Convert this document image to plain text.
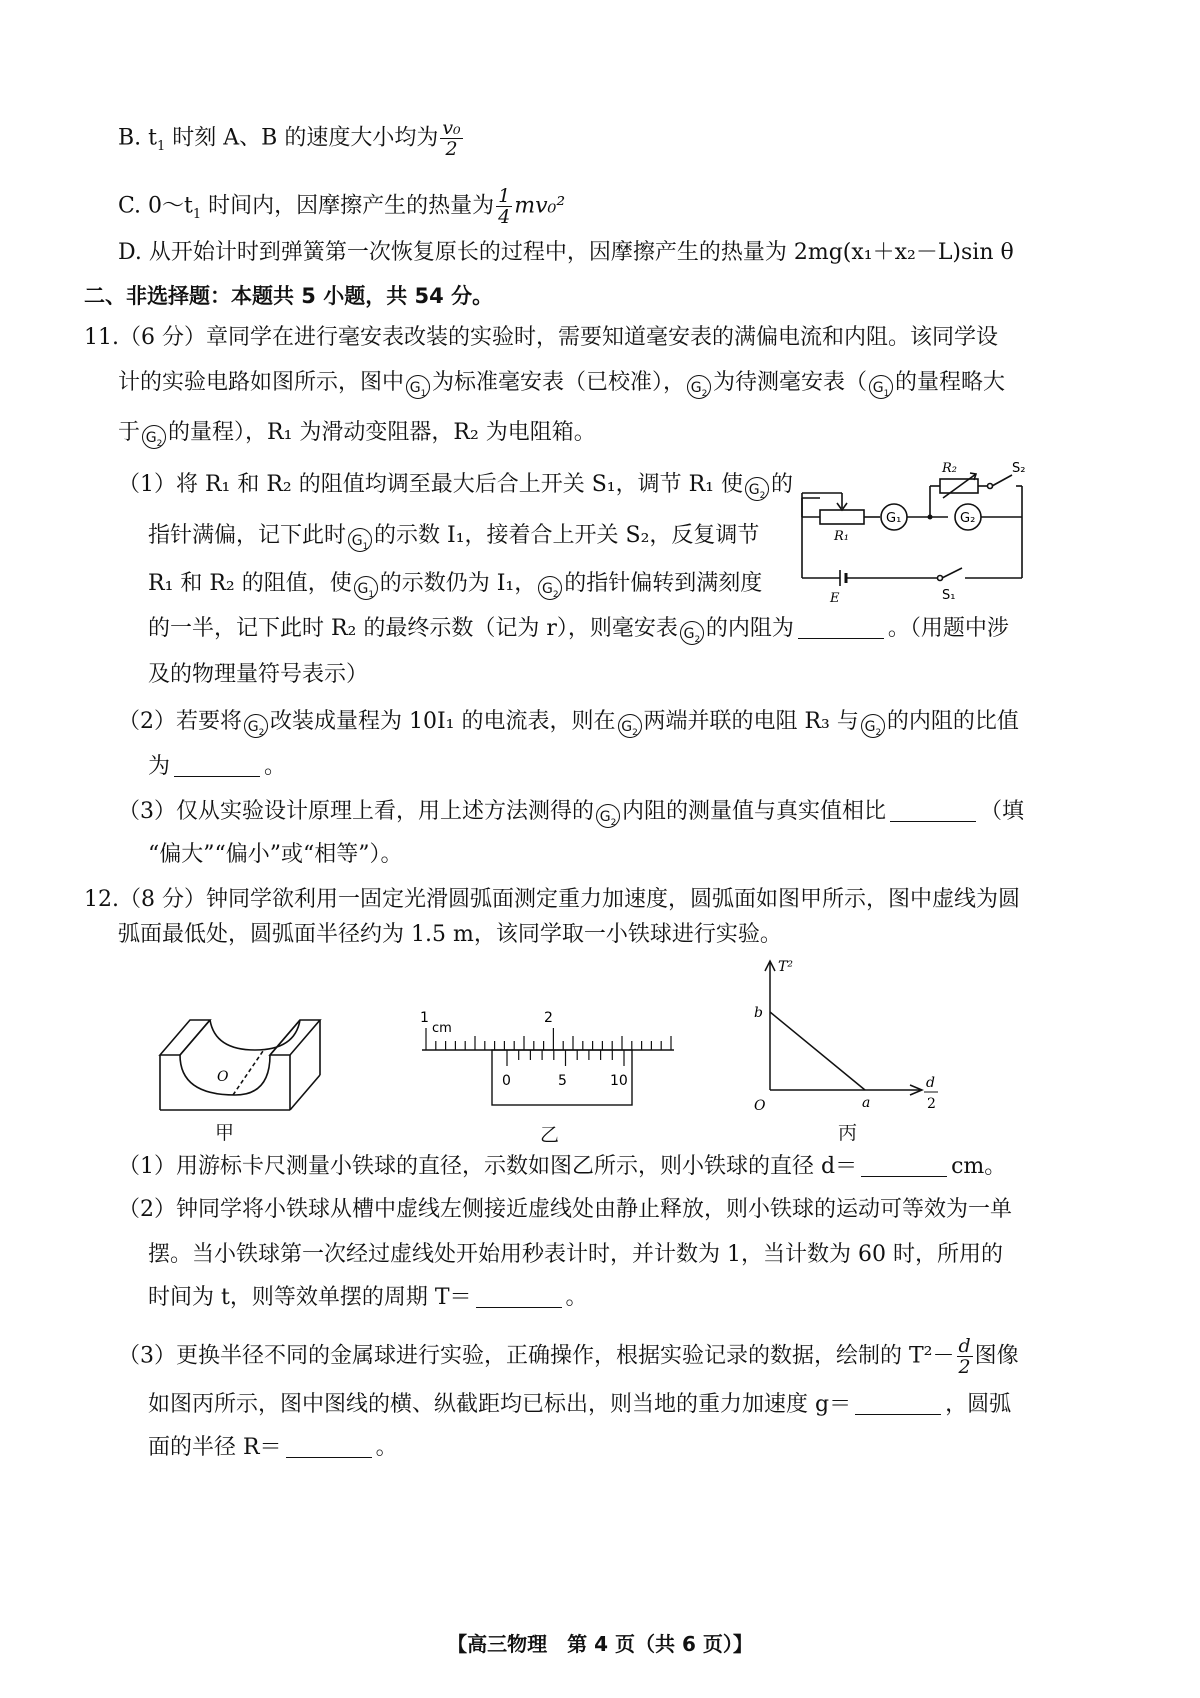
B. $t_1$ 时刻 A、B 的速度大小均为 $\frac{\text{v₀}}{2}$
C. $0\sim t_1$ 时间内，因摩擦产生的热量为 $\frac{1}{4} mv_0^2$
D. 从开始计时到弹簧第一次恢复原长的过程中，因摩擦产生的热量为 2mg(x₁＋x₂－L)sin θ
二、非选择题：本题共 5 小题，共 54 分。
11.（6 分）章同学在进行毫安表改装的实验时，需要知道毫安表的满偏电流和内阻。该同学设
计的实验电路如图所示，图中 $G_1$ 为标准毫安表（已校准）， $G_2$ 为待测毫安表（ $G_1$ 的量程略大
于 $G_2$ 的量程），R₁ 为滑动变阻器，R₂ 为电阻箱。
（1）将 R₁ 和 R₂ 的阻值均调至最大后合上开关 S₁，调节 R₁ 使 $G_2$ 的
指针满偏，记下此时 $G_1$ 的示数 I₁，接着合上开关 S₂，反复调节
R₁ 和 R₂ 的阻值，使 $G_1$ 的示数仍为 I₁， $G_2$ 的指针偏转到满刻度
的一半，记下此时 R₂ 的最终示数（记为 r），则毫安表 $G_2$ 的内阻为	。（用题中涉
及的物理量符号表示）
G₁	G₂
R₁
R₂	S₂
E	S₁
（2）若要将 $G_2$ 改装成量程为 10I₁ 的电流表，则在 $G_2$ 两端并联的电阻 R₃ 与 $G_2$ 的内阻的比值
为	。
（3）仅从实验设计原理上看，用上述方法测得的 $G_2$ 内阻的测量值与真实值相比	（填
“偏大”“偏小”或“相等”）。
12.（8 分）钟同学欲利用一固定光滑圆弧面测定重力加速度，圆弧面如图甲所示，图中虚线为圆
弧面最低处，圆弧面半径约为 1.5 m，该同学取一小铁球进行实验。
O
甲
1
cm
2
0	5	10
乙
T²
b
O	a
d
2
丙
（1）用游标卡尺测量小铁球的直径，示数如图乙所示，则小铁球的直径 d＝	cm。
（2）钟同学将小铁球从槽中虚线左侧接近虚线处由静止释放，则小铁球的运动可等效为一单
摆。当小铁球第一次经过虚线处开始用秒表计时，并计数为 1，当计数为 60 时，所用的
时间为 t，则等效单摆的周期 T＝	。
（3）更换半径不同的金属球进行实验，正确操作，根据实验记录的数据，绘制的 $T^2- \frac{d}{2}$ 图像
如图丙所示，图中图线的横、纵截距均已标出，则当地的重力加速度 g＝	，圆弧
面的半径 R＝	。
【高三物理　第 4 页（共 6 页）】
